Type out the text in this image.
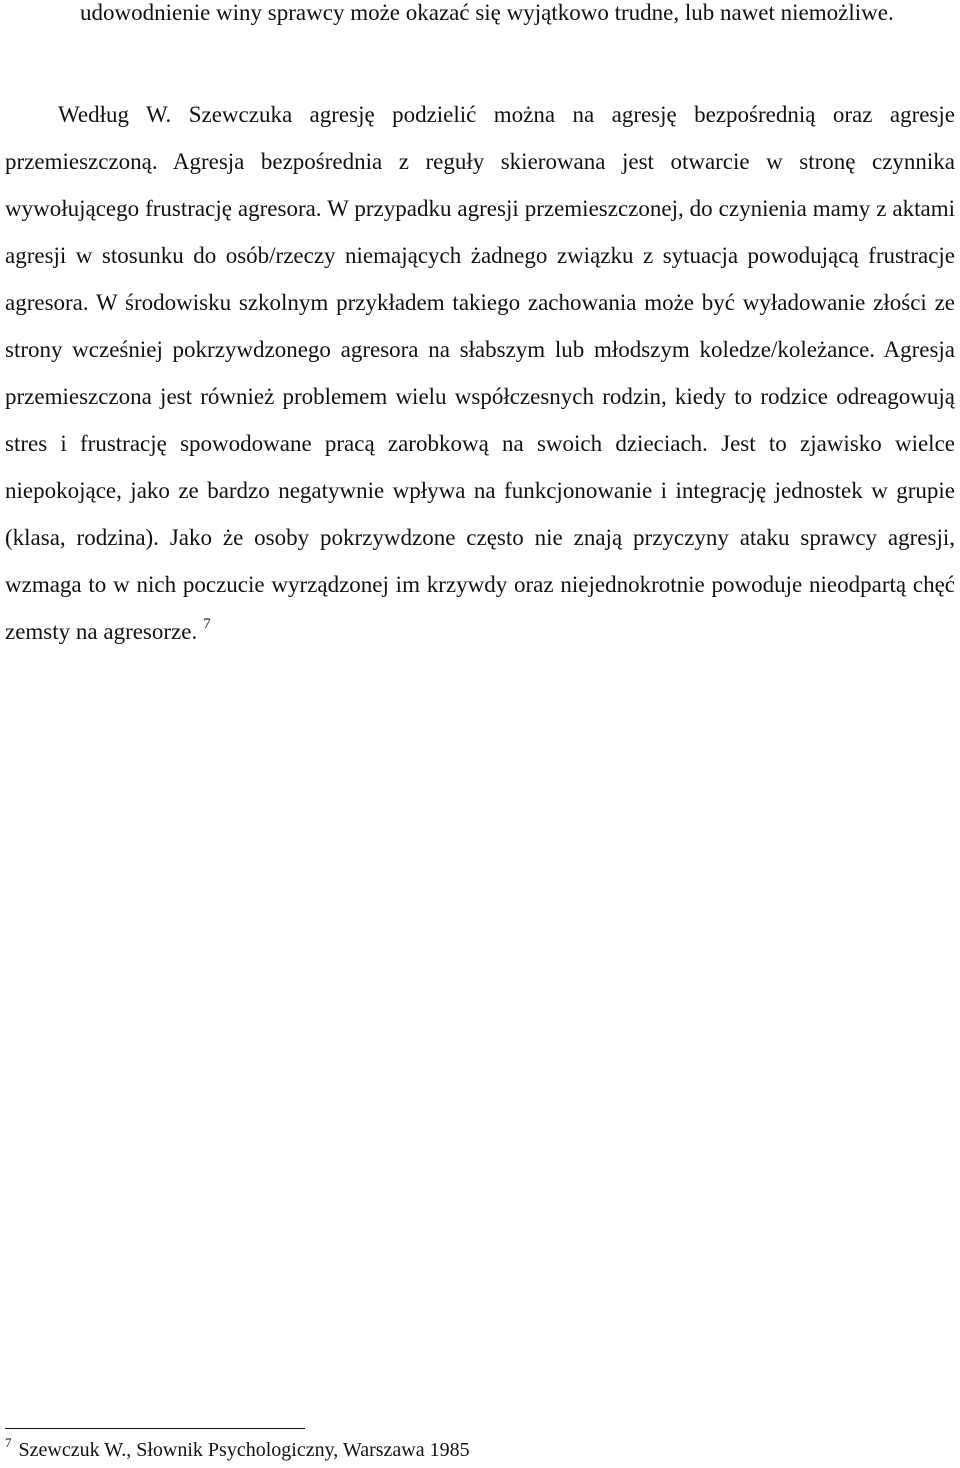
udowodnienie winy sprawcy może okazać się wyjątkowo trudne, lub nawet niemożliwe.

Według W. Szewczuka agresję podzielić można na agresję bezpośrednią oraz agresje przemieszczoną. Agresja bezpośrednia z reguły skierowana jest otwarcie w stronę czynnika wywołującego frustrację agresora. W przypadku agresji przemieszczonej, do czynienia mamy z aktami agresji w stosunku do osób/rzeczy niemających żadnego związku z sytuacja powodującą frustracje agresora. W środowisku szkolnym przykładem takiego zachowania może być wyładowanie złości ze strony wcześniej pokrzywdzonego agresora na słabszym lub młodszym koledze/koleżance. Agresja przemieszczona jest również problemem wielu współczesnych rodzin, kiedy to rodzice odreagowują stres i frustrację spowodowane pracą zarobkową na swoich dzieciach. Jest to zjawisko wielce niepokojące, jako ze bardzo negatywnie wpływa na funkcjonowanie i integrację jednostek w grupie (klasa, rodzina). Jako że osoby pokrzywdzone często nie znają przyczyny ataku sprawcy agresji, wzmaga to w nich poczucie wyrządzonej im krzywdy oraz niejednokrotnie powoduje nieodpartą chęć zemsty na agresorze. $^7$

$^7$ Szewczuk W., Słownik Psychologiczny, Warszawa 1985
